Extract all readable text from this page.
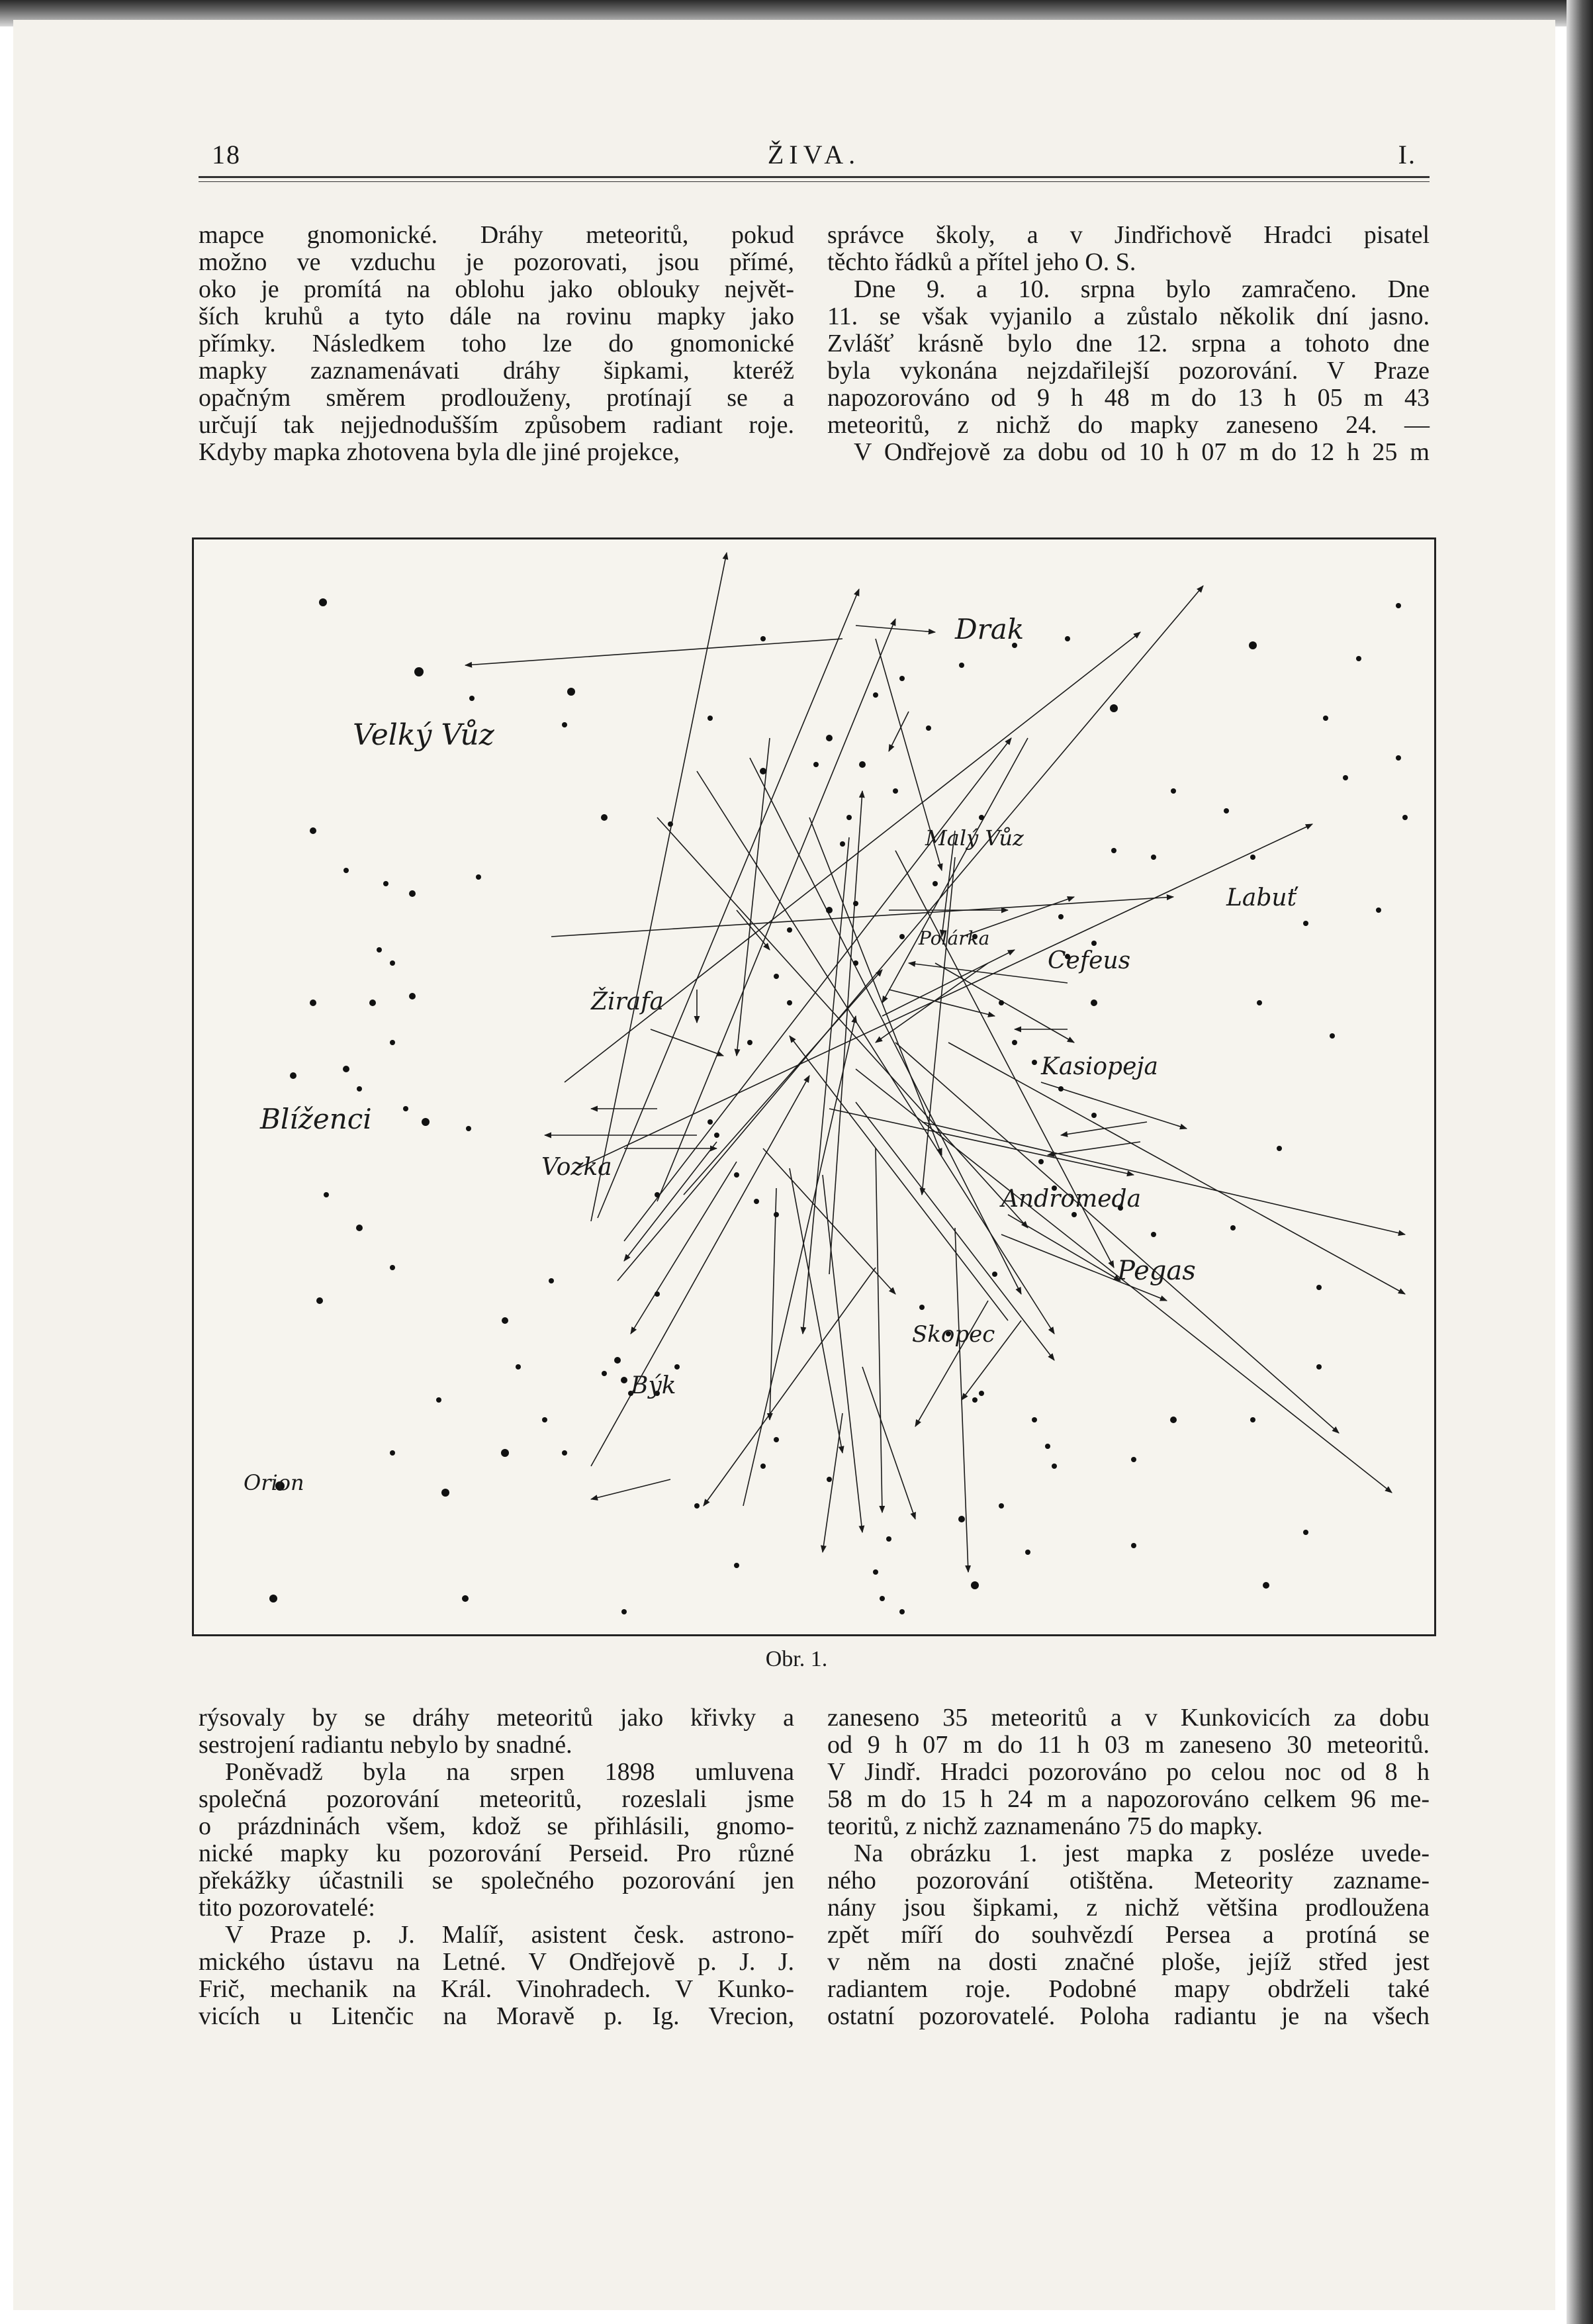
18	ŽIVA.	I.
mapce gnomonické. Dráhy meteoritů, pokud
možno ve vzduchu je pozorovati, jsou přímé,
oko je promítá na oblohu jako oblouky největ-
ších kruhů a tyto dále na rovinu mapky jako
přímky. Následkem toho lze do gnomonické
mapky zaznamenávati dráhy šipkami, kteréž
opačným směrem prodlouženy, protínají se a
určují tak nejjednodušším způsobem radiant roje.
Kdyby mapka zhotovena byla dle jiné projekce,
správce školy, a v Jindřichově Hradci pisatel
těchto řádků a přítel jeho O. S.
Dne 9. a 10. srpna bylo zamračeno. Dne
11. se však vyjanilo a zůstalo několik dní jasno.
Zvlášť krásně bylo dne 12. srpna a tohoto dne
byla vykonána nejzdařilejší pozorování. V Praze
napozorováno od 9 h 48 m do 13 h 05 m 43
meteoritů, z nichž do mapky zaneseno 24. —
V Ondřejově za dobu od 10 h 07 m do 12 h 25 m
Drak
Velký Vůz
Malý Vůz
Polárka
Labuť
Cefeus
Žirafa
Kasiopeja
Blíženci
Vozka
Andromeda
Pegas
Skopec
Býk
Orion
Obr. 1.
rýsovaly by se dráhy meteoritů jako křivky a
sestrojení radiantu nebylo by snadné.
Poněvadž byla na srpen 1898 umluvena
společná pozorování meteoritů, rozeslali jsme
o prázdninách všem, kdož se přihlásili, gnomo-
nické mapky ku pozorování Perseid. Pro různé
překážky účastnili se společného pozorování jen
tito pozorovatelé:
V Praze p. J. Malíř, asistent česk. astrono-
mického ústavu na Letné. V Ondřejově p. J. J.
Frič, mechanik na Král. Vinohradech. V Kunko-
vicích u Litenčic na Moravě p. Ig. Vrecion,
zaneseno 35 meteoritů a v Kunkovicích za dobu
od 9 h 07 m do 11 h 03 m zaneseno 30 meteoritů.
V Jindř. Hradci pozorováno po celou noc od 8 h
58 m do 15 h 24 m a napozorováno celkem 96 me-
teoritů, z nichž zaznamenáno 75 do mapky.
Na obrázku 1. jest mapka z posléze uvede-
ného pozorování otištěna. Meteority zazname-
nány jsou šipkami, z nichž většina prodloužena
zpět míří do souhvězdí Persea a protíná se
v něm na dosti značné ploše, jejíž střed jest
radiantem roje. Podobné mapy obdrželi také
ostatní pozorovatelé. Poloha radiantu je na všech
